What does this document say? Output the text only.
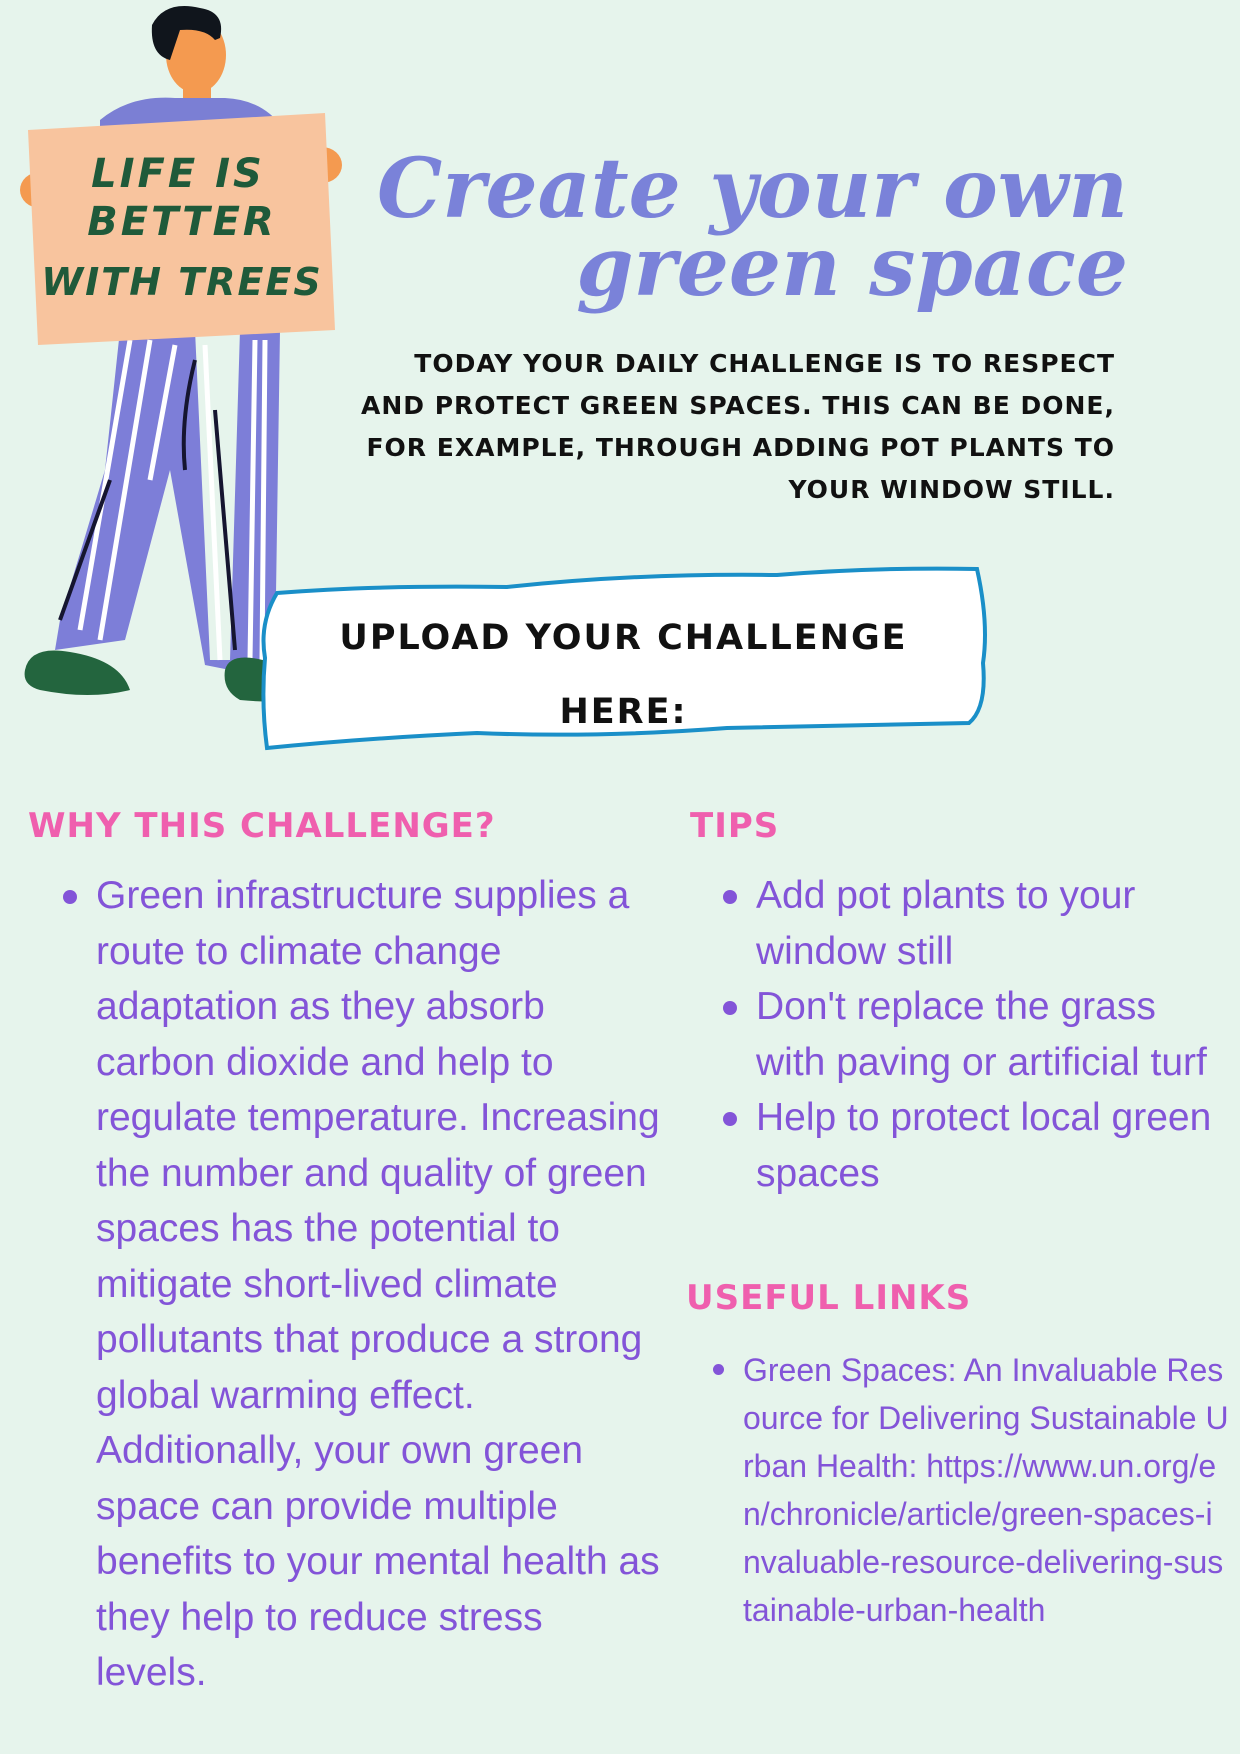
LIFE IS
BETTER
WITH TREES
Create your own
green space
TODAY YOUR DAILY CHALLENGE IS TO RESPECT AND PROTECT GREEN SPACES. THIS CAN BE DONE, FOR EXAMPLE, THROUGH ADDING POT PLANTS TO YOUR WINDOW STILL.
UPLOAD YOUR CHALLENGE
HERE:
WHY THIS CHALLENGE?
Green infrastructure supplies a route to climate change adaptation as they absorb carbon dioxide and help to regulate temperature. Increasing the number and quality of green spaces has the potential to mitigate short-lived climate pollutants that produce a strong global warming effect. Additionally, your own green space can provide multiple benefits to your mental health as they help to reduce stress levels.
TIPS
Add pot plants to your window still
Don't replace the grass with paving or artificial turf
Help to protect local green spaces
USEFUL LINKS
Green Spaces: An Invaluable Resource for Delivering Sustainable Urban Health: https://www.un.org/en/chronicle/article/green-spaces-invaluable-resource-delivering-sustainable-urban-health
